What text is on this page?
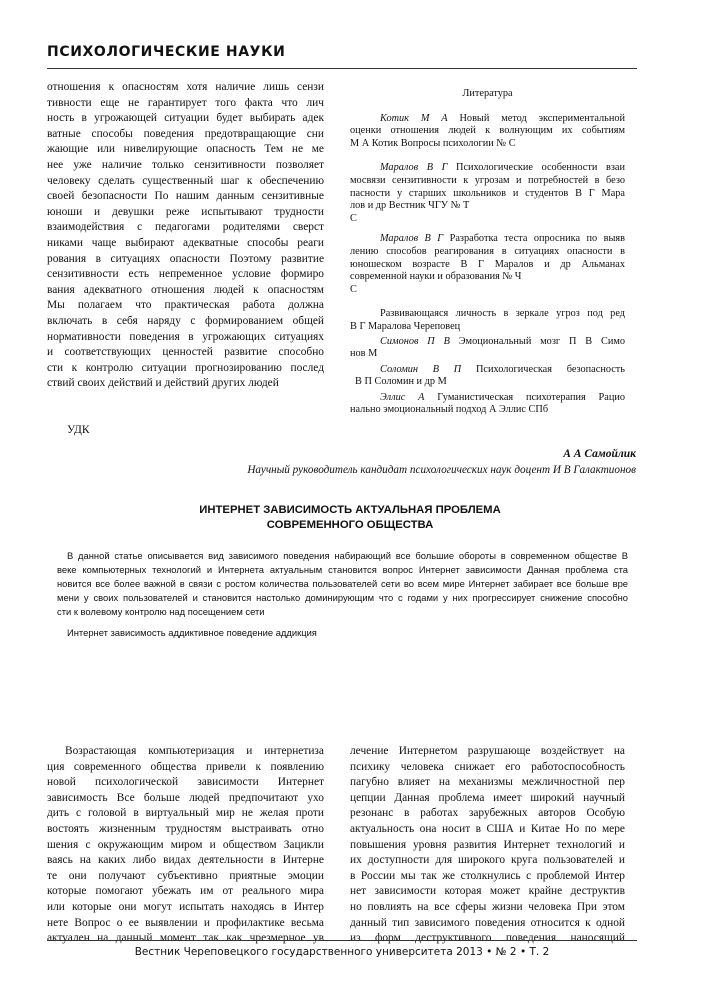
ПСИХОЛОГИЧЕСКИЕ НАУКИ
отношения к опасностям хотя наличие лишь сензи
тивности еще не гарантирует того факта что лич
ность в угрожающей ситуации будет выбирать адек
ватные способы поведения предотвращающие сни
жающие или нивелирующие опасность Тем не ме
нее уже наличие только сензитивности позволяет
человеку сделать существенный шаг к обеспечению
своей безопасности По нашим данным сензитивные
юноши и девушки реже испытывают трудности
взаимодействия с педагогами родителями сверст
никами чаще выбирают адекватные способы реаги
рования в ситуациях опасности Поэтому развитие
сензитивности есть непременное условие формиро
вания адекватного отношения людей к опасностям
Мы полагаем что практическая работа должна
включать в себя наряду с формированием общей
нормативности поведения в угрожающих ситуациях
и соответствующих ценностей развитие способно
сти к контролю ситуации прогнозированию послед
ствий своих действий и действий других людей
Литература
Котик М А Новый метод экспериментальной
оценки отношения людей к волнующим их событиям
М А Котик Вопросы психологии № С
Маралов В Г Психологические особенности взаи
мосвязи сензитивности к угрозам и потребностей в безо
пасности у старших школьников и студентов В Г Мара
лов и др Вестник ЧГУ № Т
С
Маралов В Г Разработка теста опросника по выяв
лению способов реагирования в ситуациях опасности в
юношеском возрасте В Г Маралов и др Альманах
современной науки и образования № Ч
С
Развивающаяся личность в зеркале угроз под ред
В Г Маралова Череповец
Симонов П В Эмоциональный мозг П В Симо
нов М
Соломин В П Психологическая безопасность
В П Соломин и др М
Эллис А Гуманистическая психотерапия Рацио
нально эмоциональный подход А Эллис СПб
УДК
А А Самойлик
Научный руководитель кандидат психологических наук доцент И В Галактионов
ИНТЕРНЕТ ЗАВИСИМОСТЬ АКТУАЛЬНАЯ ПРОБЛЕМА
СОВРЕМЕННОГО ОБЩЕСТВА
В данной статье описывается вид зависимого поведения набирающий все большие обороты в современном обществе В
веке компьютерных технологий и Интернета актуальным становится вопрос Интернет зависимости Данная проблема ста
новится все более важной в связи с ростом количества пользователей сети во всем мире Интернет забирает все больше вре
мени у своих пользователей и становится настолько доминирующим что с годами у них прогрессирует снижение способно
сти к волевому контролю над посещением сети
Интернет зависимость аддиктивное поведение аддикция
Возрастающая компьютеризация и интернетиза
ция современного общества привели к появлению
новой психологической зависимости Интернет
зависимость Все больше людей предпочитают ухо
дить с головой в виртуальный мир не желая проти
востоять жизненным трудностям выстраивать отно
шения с окружающим миром и обществом Зацикли
ваясь на каких либо видах деятельности в Интерне
те они получают субъективно приятные эмоции
которые помогают убежать им от реального мира
или которые они могут испытать находясь в Интер
нете Вопрос о ее выявлении и профилактике весьма
актуален на данный момент так как чрезмерное ув
лечение Интернетом разрушающе воздействует на
психику человека снижает его работоспособность
пагубно влияет на механизмы межличностной пер
цепции Данная проблема имеет широкий научный
резонанс в работах зарубежных авторов Особую
актуальность она носит в США и Китае Но по мере
повышения уровня развития Интернет технологий и
их доступности для широкого круга пользователей и
в России мы так же столкнулись с проблемой Интер
нет зависимости которая может крайне деструктив
но повлиять на все сферы жизни человека При этом
данный тип зависимого поведения относится к одной
из форм деструктивного поведения наносящий
Вестник Череповецкого государственного университета 2013 • № 2 • Т. 2
